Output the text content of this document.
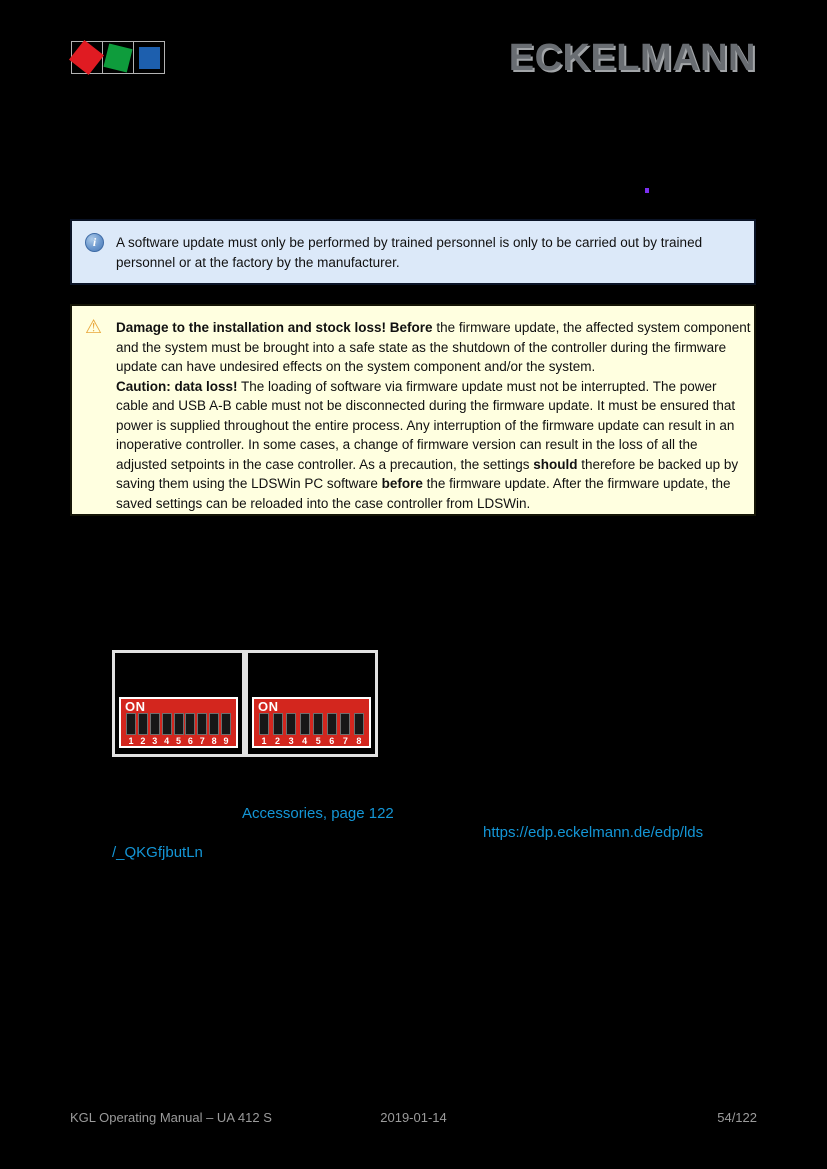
ECKELMANN
i	A software update must only be performed by trained personnel is only to be carried out by trained personnel or at the factory by the manufacturer.
⚠ Damage to the installation and stock loss! Before the firmware update, the affected system component and the system must be brought into a safe state as the shutdown of the controller during the firmware update can have undesired effects on the system component and/or the system.
Caution: data loss! The loading of software via firmware update must not be interrupted. The power cable and USB A-B cable must not be disconnected during the firmware update. It must be ensured that power is supplied throughout the entire process. Any interruption of the firmware update can result in an inoperative controller. In some cases, a change of firmware version can result in the loss of all the adjusted setpoints in the case controller. As a precaution, the settings should therefore be backed up by saving them using the LDSWin PC software before the firmware update. After the firmware update, the saved settings can be reloaded into the case controller from LDSWin.
ON
1 2 3 4 5 6 7 8 9
ON
1 2 3 4 5 6 7 8
Accessories, page 122
https://edp.eckelmann.de/edp/lds
/_QKGfjbutLn
KGL Operating Manual – UA 412 S	2019-01-14	54/122
